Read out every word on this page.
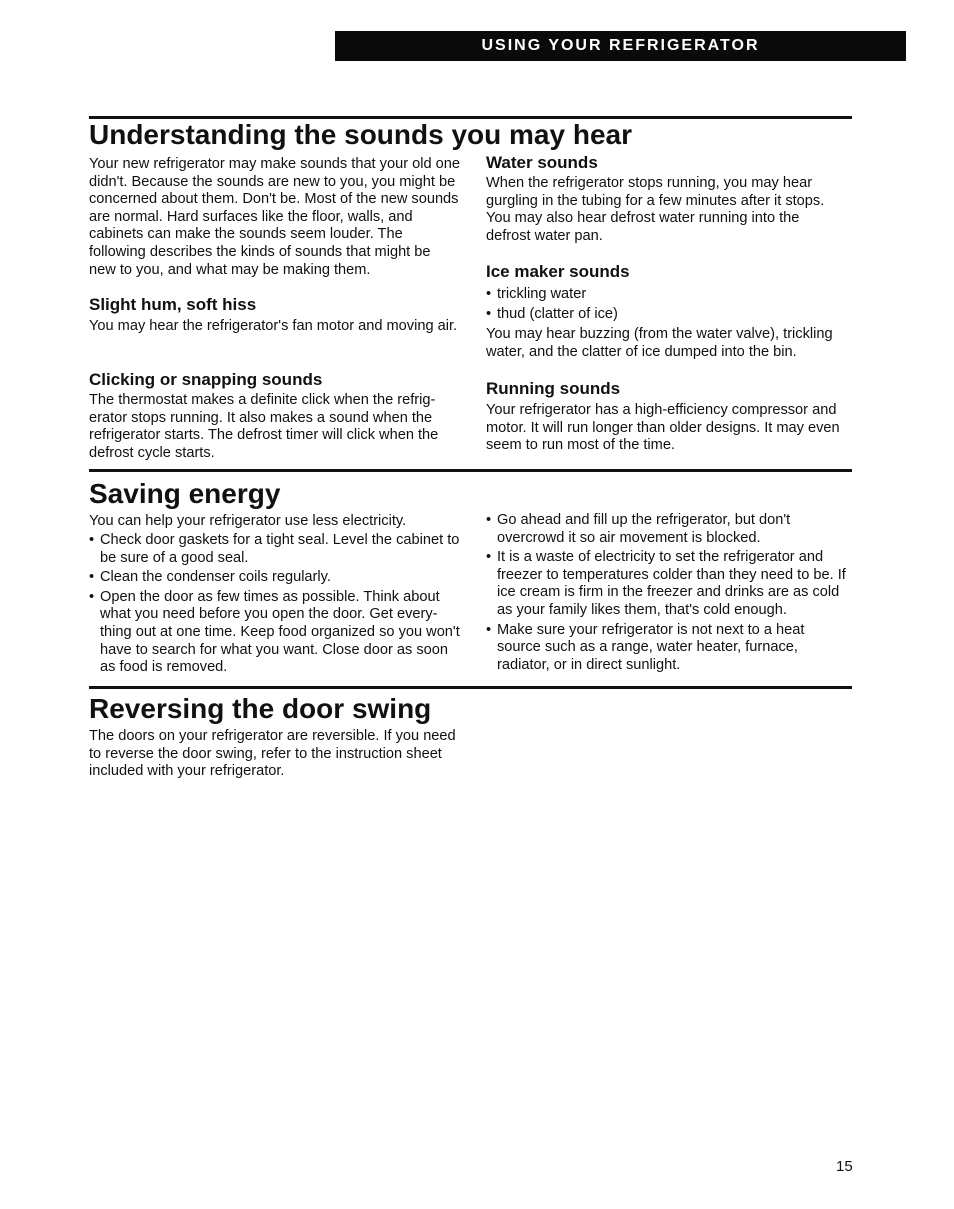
USING YOUR REFRIGERATOR
Understanding the sounds you may hear

Your new refrigerator may make sounds that your old one didn't. Because the sounds are new to you, you might be concerned about them. Don't be. Most of the new sounds are normal. Hard surfaces like the floor, walls, and cabinets can make the sounds seem louder. The following describes the kinds of sounds that might be new to you, and what may be making them.

Slight hum, soft hiss

You may hear the refrigerator's fan motor and moving air.

Clicking or snapping sounds

The thermostat makes a definite click when the refrig-erator stops running. It also makes a sound when the refrigerator starts. The defrost timer will click when the defrost cycle starts.

Water sounds

When the refrigerator stops running, you may hear gurgling in the tubing for a few minutes after it stops. You may also hear defrost water running into the defrost water pan.

Ice maker sounds
• trickling water
• thud (clatter of ice)

You may hear buzzing (from the water valve), trickling water, and the clatter of ice dumped into the bin.

Running sounds

Your refrigerator has a high-efficiency compressor and motor. It will run longer than older designs. It may even seem to run most of the time.

Saving energy

You can help your refrigerator use less electricity.

• Check door gaskets for a tight seal. Level the cabinet to be sure of a good seal.
• Clean the condenser coils regularly.
• Open the door as few times as possible. Think about what you need before you open the door. Get every-thing out at one time. Keep food organized so you won't have to search for what you want. Close door as soon as food is removed.
• Go ahead and fill up the refrigerator, but don't overcrowd it so air movement is blocked.
• It is a waste of electricity to set the refrigerator and freezer to temperatures colder than they need to be. If ice cream is firm in the freezer and drinks are as cold as your family likes them, that's cold enough.
• Make sure your refrigerator is not next to a heat source such as a range, water heater, furnace, radiator, or in direct sunlight.
Reversing the door swing

The doors on your refrigerator are reversible. If you need to reverse the door swing, refer to the instruction sheet included with your refrigerator.

15
